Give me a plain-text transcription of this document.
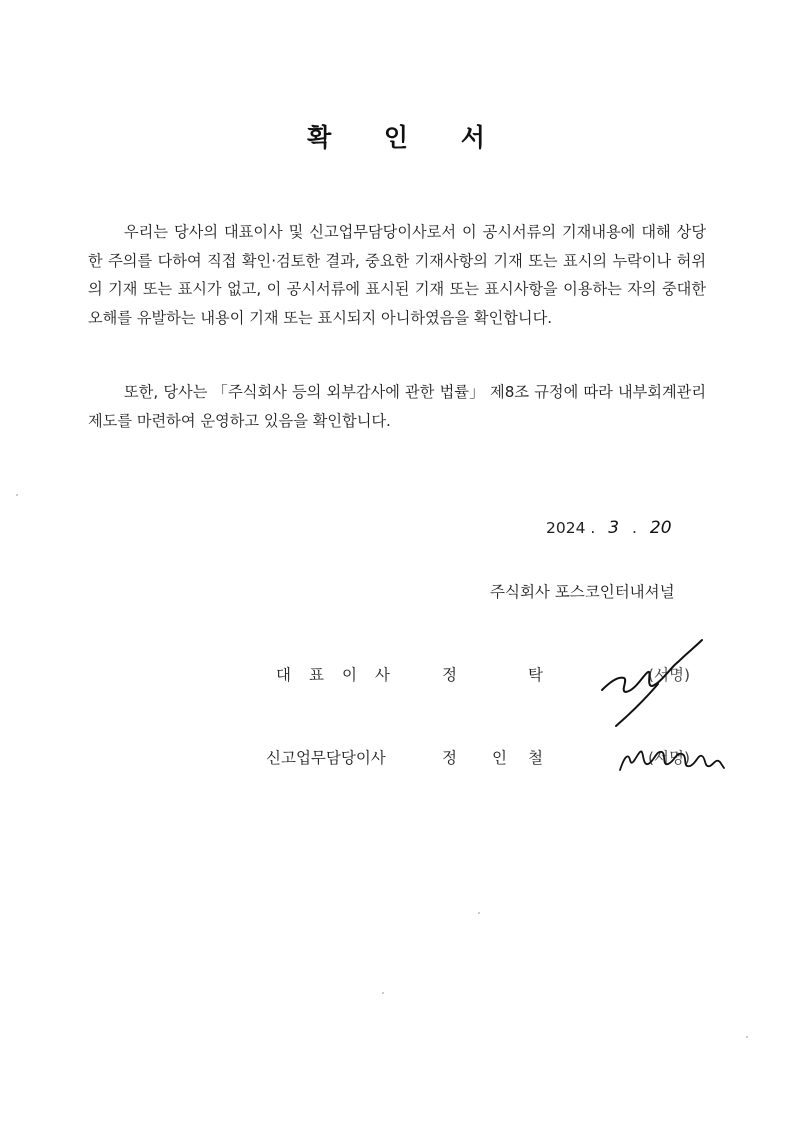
확 인 서
우리는 당사의 대표이사 및 신고업무담당이사로서 이 공시서류의 기재내용에 대해 상당한 주의를 다하여 직접 확인·검토한 결과, 중요한 기재사항의 기재 또는 표시의 누락이나 허위의 기재 또는 표시가 없고, 이 공시서류에 표시된 기재 또는 표시사항을 이용하는 자의 중대한 오해를 유발하는 내용이 기재 또는 표시되지 아니하였음을 확인합니다.
또한, 당사는 「주식회사 등의 외부감사에 관한 법률」 제8조 규정에 따라 내부회계관리제도를 마련하여 운영하고 있음을 확인합니다.
2024 . 3 . 20
주식회사 포스코인터내셔널
대표이사 정	탁	(서명)
신고업무담당이사	정 인 철	(서명)
